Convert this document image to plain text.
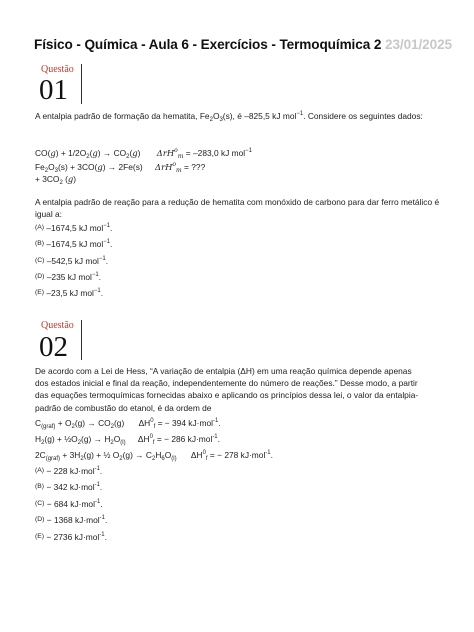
Físico - Química - Aula 6 - Exercícios - Termoquímica 2 23/01/2025
Questão
01
A entalpia padrão de formação da hematita, $Fe_2O_3(s)$, é –825,5 kJ mol$^{-1}$. Considere os seguintes dados:
$CO(g) + 1/2O_2(g) \to CO_2(g) \Delta rH^o_m = -283,0$ kJ mol$^{-1}$
$Fe_2O_3(s) + 3CO(g) \to 2Fe(s) \Delta rH^o_m$ = ???
+ $3CO_2$ (g)
A entalpia padrão de reação para a redução de hematita com monóxido de carbono para dar ferro metálico é igual a:
$^{(A)}$ –1674,5 kJ mol$^{-1}$.
$^{(B)}$ –1674,5 kJ mol$^{-1}$.
$^{(C)}$ –542,5 kJ mol$^{-1}$.
$^{(D)}$ –235 kJ mol$^{-1}$.
$^{(E)}$ –23,5 kJ mol$^{-1}$.
Questão
02
De acordo com a Lei de Hess, “A variação de entalpia (ΔH) em uma reação química depende apenas
dos estados inicial e final da reação, independentemente do número de reações.” Desse modo, a partir
das equações termoquímicas fornecidas abaixo e aplicando os princípios dessa lei, o valor da entalpia-
padrão de combustão do etanol, é da ordem de
$C_{(graf)} + O_2(g) \to CO_2(g) \Delta H^0_f$ = − 394 kJ·mol$^{-1}$.
$H_2(g)$ + $\frac{1}{2}O_2(g) \to H_2O_{(l)}$ $\Delta H^0_f$ = − 286 kJ·mol$^{-1}$.
$2C_{(graf)} + 3H_2(g)$ + ½ $O_2(g) \to C_2H_6O_{(l)}$ $\Delta H^0_f$ = − 278 kJ·mol$^{-1}$.
$^{(A)}$ − 228 kJ·mol$^{-1}$.
$^{(B)}$ − 342 kJ·mol$^{-1}$.
$^{(C)}$ − 684 kJ·mol$^{-1}$.
$^{(D)}$ − 1368 kJ·mol$^{-1}$.
$^{(E)}$ − 2736 kJ·mol$^{-1}$.
